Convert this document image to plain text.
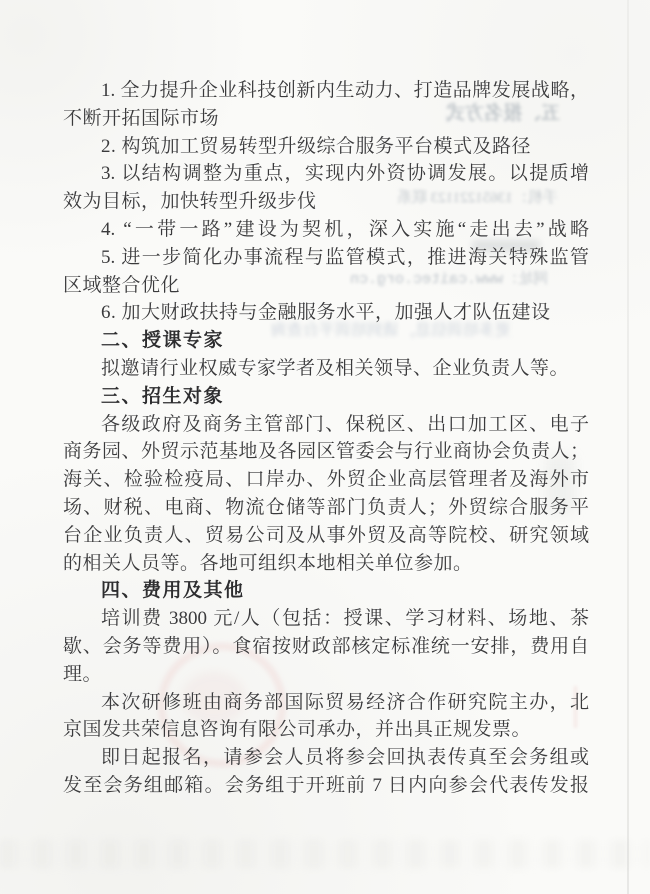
五、报名方式
手机：13651221123 联系
网址：www.caitec.org.cn
更多培训信息，请到培训平台查询
1. 全力提升企业科技创新内生动力、打造品牌发展战略，
不断开拓国际市场
2. 构筑加工贸易转型升级综合服务平台模式及路径
3. 以结构调整为重点，实现内外资协调发展。以提质增
效为目标，加快转型升级步伐
4. “一带一路”建设为契机，深入实施“走出去”战略
5. 进一步简化办事流程与监管模式，推进海关特殊监管
区域整合优化
6. 加大财政扶持与金融服务水平，加强人才队伍建设
二、授课专家
拟邀请行业权威专家学者及相关领导、企业负责人等。
三、招生对象
各级政府及商务主管部门、保税区、出口加工区、电子
商务园、外贸示范基地及各园区管委会与行业商协会负责人；
海关、检验检疫局、口岸办、外贸企业高层管理者及海外市
场、财税、电商、物流仓储等部门负责人；外贸综合服务平
台企业负责人、贸易公司及从事外贸及高等院校、研究领域
的相关人员等。各地可组织本地相关单位参加。
四、费用及其他
培训费 3800 元/人（包括：授课、学习材料、场地、茶
歇、会务等费用）。食宿按财政部核定标准统一安排，费用自
理。
本次研修班由商务部国际贸易经济合作研究院主办，北
京国发共荣信息咨询有限公司承办，并出具正规发票。
即日起报名，请参会人员将参会回执表传真至会务组或
发至会务组邮箱。会务组于开班前 7 日内向参会代表传发报
